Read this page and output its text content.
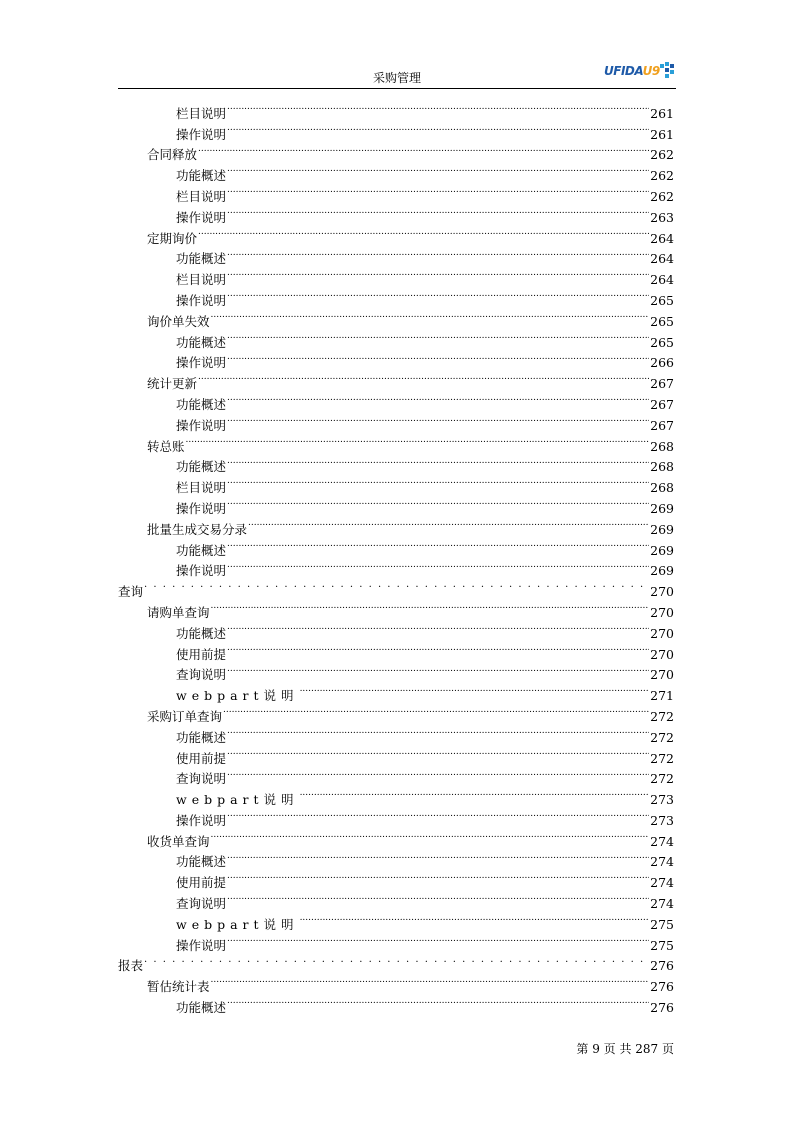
采购管理	UFIDAU9
栏目说明 .....	261
操作说明 .....	261
合同释放 .....	262
功能概述 .....	262
栏目说明 .....	262
操作说明 .....	263
定期询价 .....	264
功能概述 .....	264
栏目说明 .....	264
操作说明 .....	265
询价单失效 .....	265
功能概述 .....	265
操作说明 .....	266
统计更新 .....	267
功能概述 .....	267
操作说明 .....	267
转总账 .....	268
功能概述 .....	268
栏目说明 .....	268
操作说明 .....	269
批量生成交易分录 .....	269
功能概述 .....	269
操作说明 .....	269
查询 . . .	270
请购单查询 .....	270
功能概述 .....	270
使用前提 .....	270
查询说明 .....	270
webpart说明 .....	271
采购订单查询 .....	272
功能概述 .....	272
使用前提 .....	272
查询说明 .....	272
webpart说明 .....	273
操作说明 .....	273
收货单查询 .....	274
功能概述 .....	274
使用前提 .....	274
查询说明 .....	274
webpart说明 .....	275
操作说明 .....	275
报表 . . .	276
暂估统计表 .....	276
功能概述 .....	276
第 9 页 共 287 页
